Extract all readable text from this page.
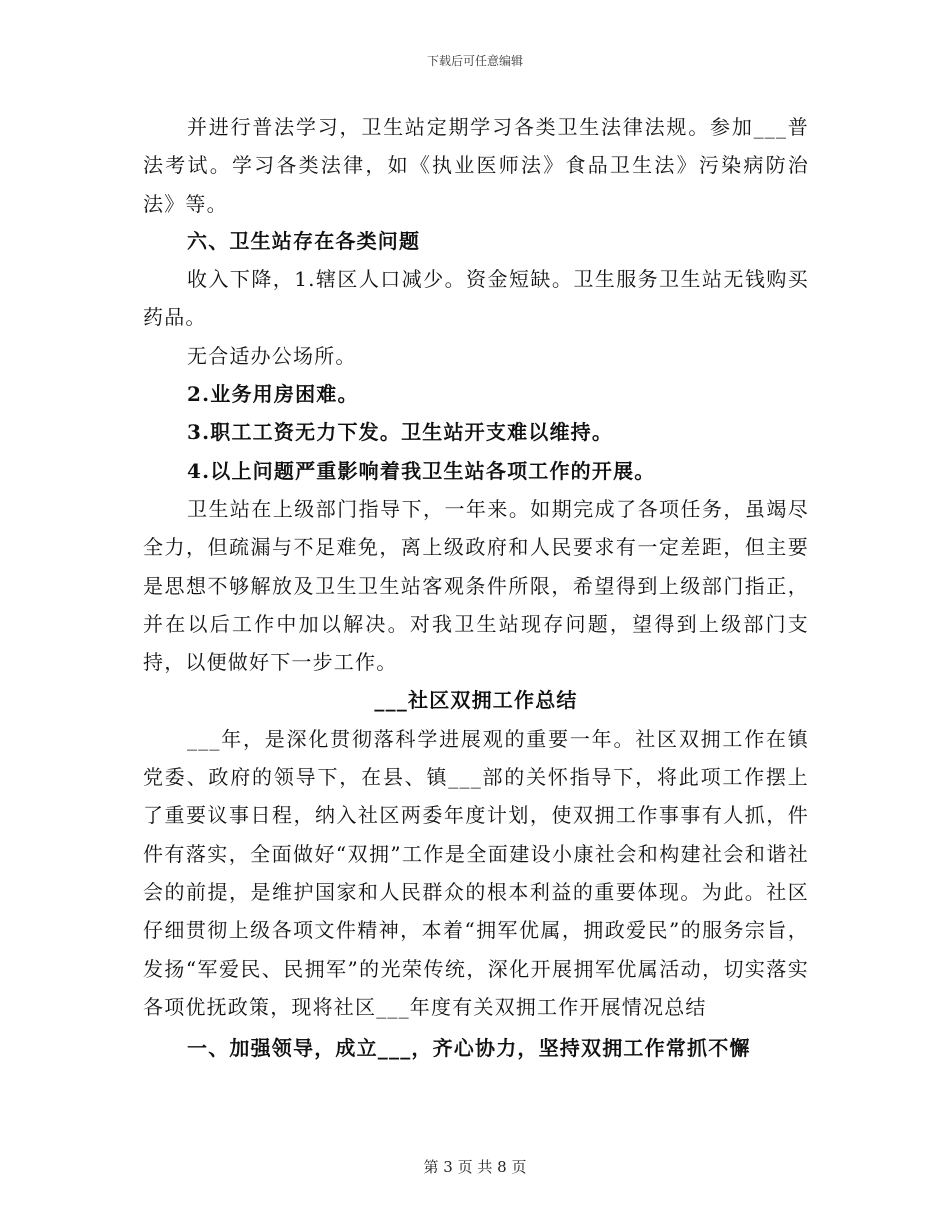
下载后可任意编辑

并进行普法学习，卫生站定期学习各类卫生法律法规。参加___普法考试。学习各类法律，如《执业医师法》食品卫生法》污染病防治法》等。

六、卫生站存在各类问题

收入下降，1.辖区人口减少。资金短缺。卫生服务卫生站无钱购买药品。

无合适办公场所。

2.业务用房困难。

3.职工工资无力下发。卫生站开支难以维持。

4.以上问题严重影响着我卫生站各项工作的开展。

卫生站在上级部门指导下，一年来。如期完成了各项任务，虽竭尽全力，但疏漏与不足难免，离上级政府和人民要求有一定差距，但主要是思想不够解放及卫生卫生站客观条件所限，希望得到上级部门指正，并在以后工作中加以解决。对我卫生站现存问题，望得到上级部门支持，以便做好下一步工作。

___社区双拥工作总结

___年，是深化贯彻落科学进展观的重要一年。社区双拥工作在镇党委、政府的领导下，在县、镇___部的关怀指导下，将此项工作摆上了重要议事日程，纳入社区两委年度计划，使双拥工作事事有人抓，件件有落实，全面做好“双拥”工作是全面建设小康社会和构建社会和谐社会的前提，是维护国家和人民群众的根本利益的重要体现。为此。社区仔细贯彻上级各项文件精神，本着“拥军优属，拥政爱民”的服务宗旨，发扬“军爱民、民拥军”的光荣传统，深化开展拥军优属活动，切实落实各项优抚政策，现将社区___年度有关双拥工作开展情况总结

一、加强领导，成立___，齐心协力，坚持双拥工作常抓不懈

第 3 页 共 8 页
